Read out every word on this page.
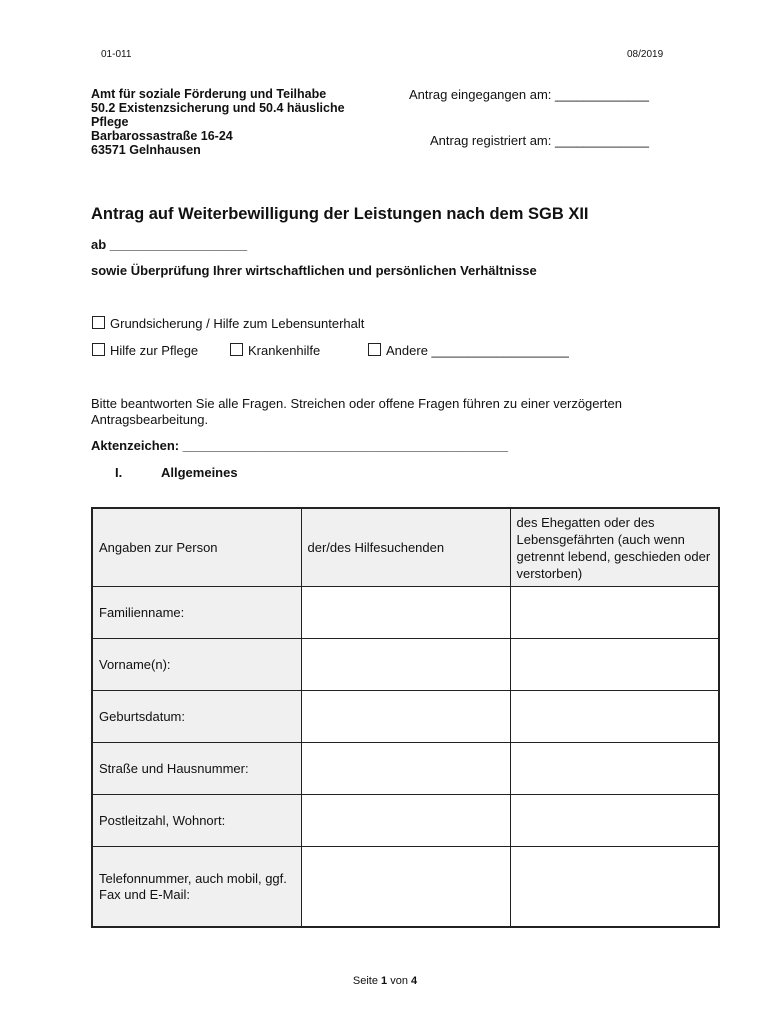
01-011	08/2019
Amt für soziale Förderung und Teilhabe
50.2 Existenzsicherung und 50.4 häusliche
Pflege
Barbarossastraße 16-24
63571 Gelnhausen
Antrag eingegangen am: _____________
Antrag registriert am: _____________
Antrag auf Weiterbewilligung der Leistungen nach dem SGB XII
ab ___________________
sowie Überprüfung Ihrer wirtschaftlichen und persönlichen Verhältnisse
Grundsicherung / Hilfe zum Lebensunterhalt
Hilfe zur Pflege	Krankenhilfe	Andere ___________________
Bitte beantworten Sie alle Fragen. Streichen oder offene Fragen führen zu einer verzögerten Antragsbearbeitung.
Aktenzeichen: _____________________________________________
I.	Allgemeines
Angaben zur Person	der/des Hilfesuchenden	des Ehegatten oder des Lebensgefährten (auch wenn getrennt lebend, geschieden oder verstorben)
Familienname:		
Vorname(n):		
Geburtsdatum:		
Straße und Hausnummer:		
Postleitzahl, Wohnort:		
Telefonnummer, auch mobil, ggf. Fax und E-Mail:		
Seite 1 von 4
